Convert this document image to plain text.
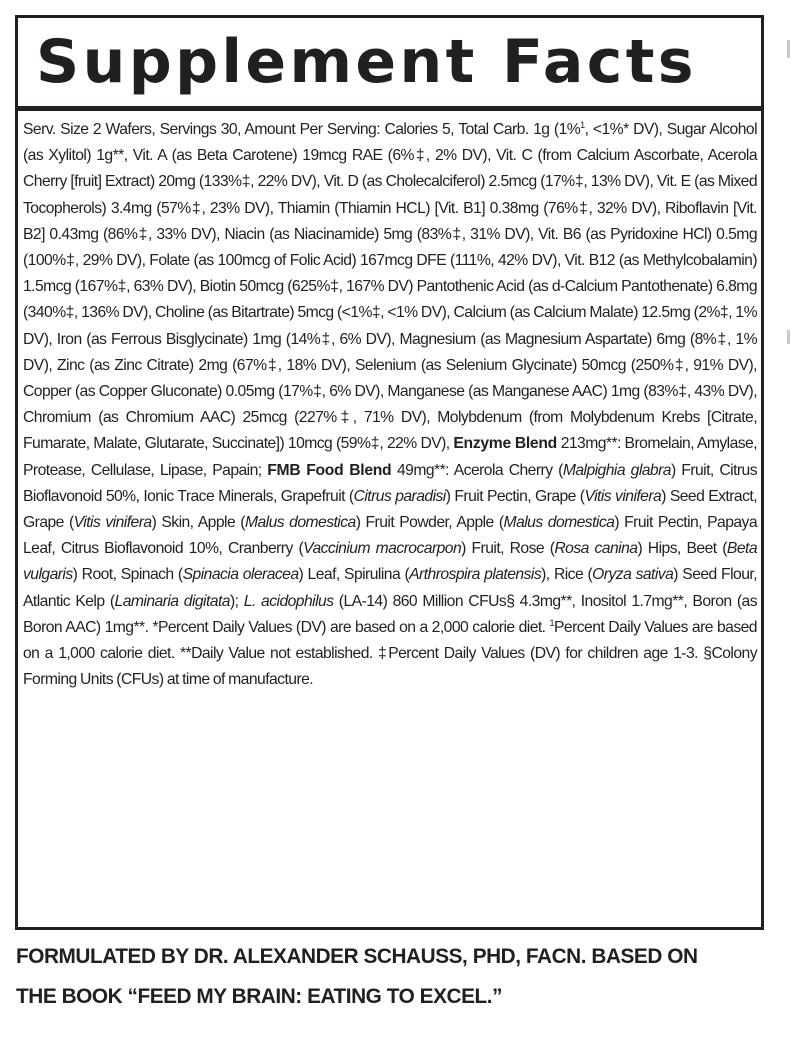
Supplement Facts

Serv. Size 2 Wafers, Servings 30, Amount Per Serving: Calories 5, Total Carb. 1g (1%$^1$, <1%* DV), Sugar Alcohol (as Xylitol) 1g**, Vit. A (as Beta Carotene) 19mcg RAE (6%‡, 2% DV), Vit. C (from Calcium Ascorbate, Acerola Cherry [fruit] Extract) 20mg (133%‡, 22% DV), Vit. D (as Cholecalciferol) 2.5mcg (17%‡, 13% DV), Vit. E (as Mixed Tocopherols) 3.4mg (57%‡, 23% DV), Thiamin (Thiamin HCL) [Vit. B1] 0.38mg (76%‡, 32% DV), Riboflavin [Vit. B2] 0.43mg (86%‡, 33% DV), Niacin (as Niacinamide) 5mg (83%‡, 31% DV), Vit. B6 (as Pyridoxine HCl) 0.5mg (100%‡, 29% DV), Folate (as 100mcg of Folic Acid) 167mcg DFE (111%, 42% DV), Vit. B12 (as Methylcobalamin) 1.5mcg (167%‡, 63% DV), Biotin 50mcg (625%‡, 167% DV) Pantothenic Acid (as d-Calcium Pantothenate) 6.8mg (340%‡, 136% DV), Choline (as Bitartrate) 5mcg (<1%‡, <1% DV), Calcium (as Calcium Malate) 12.5mg (2%‡, 1% DV), Iron (as Ferrous Bisglycinate) 1mg (14%‡, 6% DV), Magnesium (as Magnesium Aspartate) 6mg (8%‡, 1% DV), Zinc (as Zinc Citrate) 2mg (67%‡, 18% DV), Selenium (as Selenium Glycinate) 50mcg (250%‡, 91% DV), Copper (as Copper Gluconate) 0.05mg (17%‡, 6% DV), Manganese (as Manganese AAC) 1mg (83%‡, 43% DV), Chromium (as Chromium AAC) 25mcg (227%‡, 71% DV), Molybdenum (from Molybdenum Krebs [Citrate, Fumarate, Malate, Glutarate, Succinate]) 10mcg (59%‡, 22% DV), Enzyme Blend 213mg**: Bromelain, Amylase, Protease, Cellulase, Lipase, Papain; FMB Food Blend 49mg**: Acerola Cherry (Malpighia glabra) Fruit, Citrus Bioflavonoid 50%, Ionic Trace Minerals, Grapefruit (Citrus paradisi) Fruit Pectin, Grape (Vitis vinifera) Seed Extract, Grape (Vitis vinifera) Skin, Apple (Malus domestica) Fruit Powder, Apple (Malus domestica) Fruit Pectin, Papaya Leaf, Citrus Bioflavonoid 10%, Cranberry (Vaccinium macrocarpon) Fruit, Rose (Rosa canina) Hips, Beet (Beta vulgaris) Root, Spinach (Spinacia oleracea) Leaf, Spirulina (Arthrospira platensis), Rice (Oryza sativa) Seed Flour, Atlantic Kelp (Laminaria digitata); L. acidophilus (LA-14) 860 Million CFUs§ 4.3mg**, Inositol 1.7mg**, Boron (as Boron AAC) 1mg**. *Percent Daily Values (DV) are based on a 2,000 calorie diet. $^1$Percent Daily Values are based on a 1,000 calorie diet. **Daily Value not established. ‡Percent Daily Values (DV) for children age 1-3. §Colony Forming Units (CFUs) at time of manufacture.

FORMULATED BY DR. ALEXANDER SCHAUSS, PHD, FACN. BASED ON
THE BOOK “FEED MY BRAIN: EATING TO EXCEL.”
